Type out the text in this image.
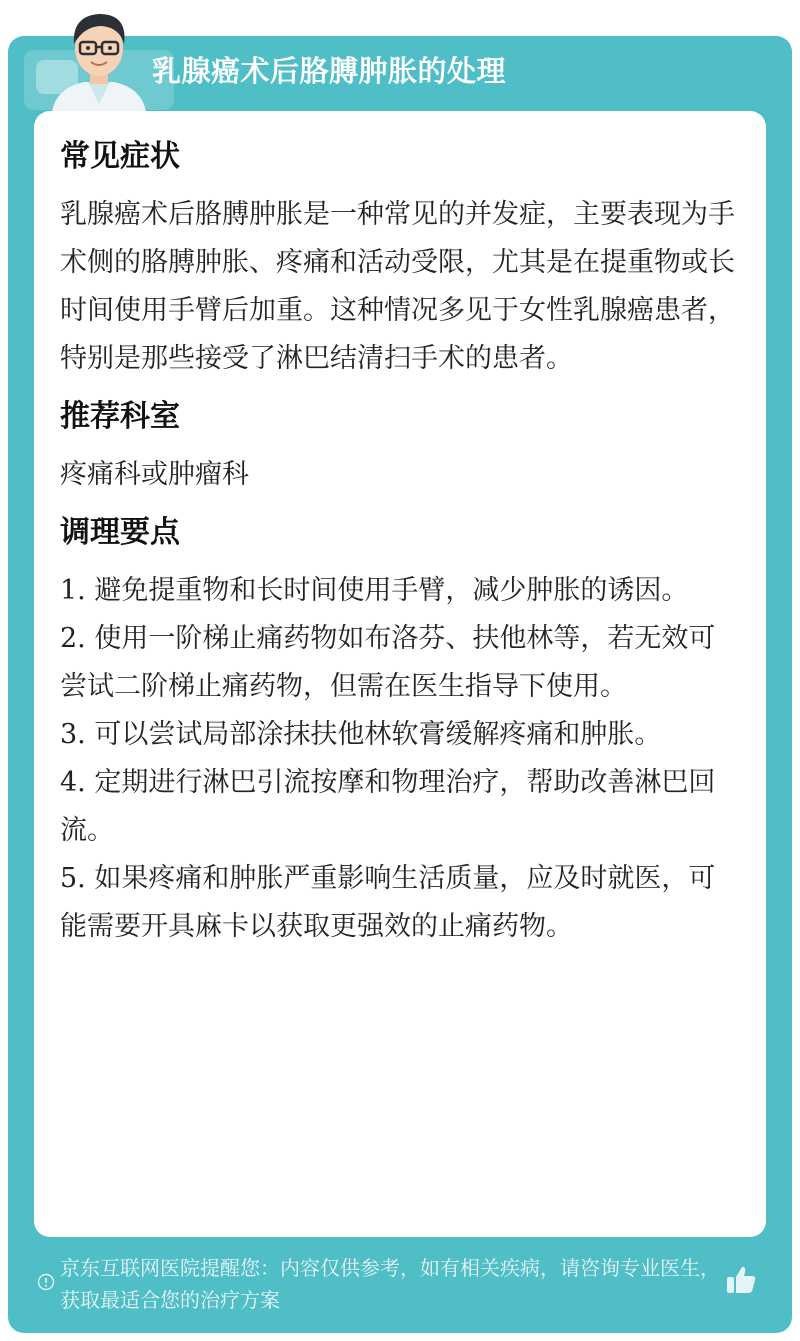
乳腺癌术后胳膊肿胀的处理
常见症状

乳腺癌术后胳膊肿胀是一种常见的并发症，主要表现为手术侧的胳膊肿胀、疼痛和活动受限，尤其是在提重物或长时间使用手臂后加重。这种情况多见于女性乳腺癌患者，特别是那些接受了淋巴结清扫手术的患者。

推荐科室

疼痛科或肿瘤科

调理要点

1. 避免提重物和长时间使用手臂，减少肿胀的诱因。

2. 使用一阶梯止痛药物如布洛芬、扶他林等，若无效可尝试二阶梯止痛药物，但需在医生指导下使用。

3. 可以尝试局部涂抹扶他林软膏缓解疼痛和肿胀。

4. 定期进行淋巴引流按摩和物理治疗，帮助改善淋巴回流。

5. 如果疼痛和肿胀严重影响生活质量，应及时就医，可能需要开具麻卡以获取更强效的止痛药物。

京东互联网医院提醒您：内容仅供参考，如有相关疾病，请咨询专业医生，获取最适合您的治疗方案
